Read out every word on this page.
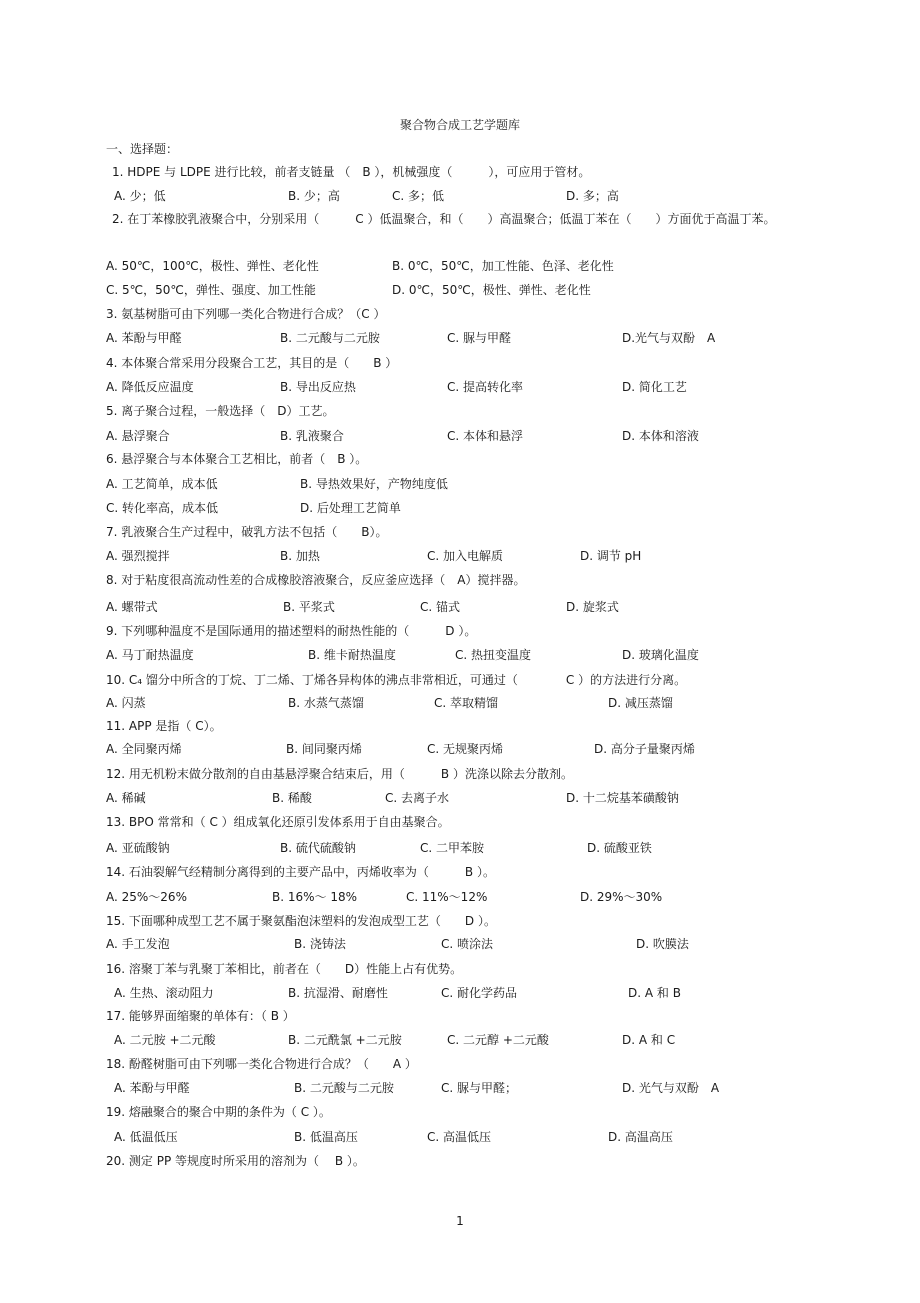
聚合物合成工艺学题库
一、选择题：
1. HDPE 与 LDPE 进行比较，前者支链量 （　B ），机械强度（　　　），可应用于管材。
A. 少；低	B. 少；高	C. 多；低	D. 多；高
2. 在丁苯橡胶乳液聚合中，分别采用（　　　C ）低温聚合，和（　　）高温聚合；低温丁苯在（　　）方面优于高温丁苯。
A. 50℃，100℃，极性、弹性、老化性	B. 0℃，50℃，加工性能、色泽、老化性
C. 5℃，50℃，弹性、强度、加工性能	D. 0℃，50℃，极性、弹性、老化性
3. 氨基树脂可由下列哪一类化合物进行合成？（C ）
A. 苯酚与甲醛	B. 二元酸与二元胺	C. 脲与甲醛	D.光气与双酚　A
4. 本体聚合常采用分段聚合工艺，其目的是（　　B ）
A. 降低反应温度	B. 导出反应热	C. 提高转化率	D. 简化工艺
5. 离子聚合过程，一般选择（　D）工艺。
A. 悬浮聚合	B. 乳液聚合	C. 本体和悬浮	D. 本体和溶液
6. 悬浮聚合与本体聚合工艺相比，前者（　B ）。
A. 工艺简单，成本低	B. 导热效果好，产物纯度低
C. 转化率高，成本低	D. 后处理工艺简单
7. 乳液聚合生产过程中，破乳方法不包括（　　B）。
A. 强烈搅拌	B. 加热	C. 加入电解质	D. 调节 pH
8. 对于粘度很高流动性差的合成橡胶溶液聚合，反应釜应选择（　A）搅拌器。
A. 螺带式	B. 平浆式	C. 锚式	D. 旋浆式
9. 下列哪种温度不是国际通用的描述塑料的耐热性能的（　　　D ）。
A. 马丁耐热温度	B. 维卡耐热温度	C. 热扭变温度	D. 玻璃化温度
10. C₄ 馏分中所含的丁烷、丁二烯、丁烯各异构体的沸点非常相近，可通过（　　　　C ）的方法进行分离。
A. 闪蒸	B. 水蒸气蒸馏	C. 萃取精馏	D. 减压蒸馏
11. APP 是指（ C）。
A. 全同聚丙烯	B. 间同聚丙烯	C. 无规聚丙烯	D. 高分子量聚丙烯
12. 用无机粉末做分散剂的自由基悬浮聚合结束后，用（　　　B ）洗涤以除去分散剂。
A. 稀碱	B. 稀酸	C. 去离子水	D. 十二烷基苯磺酸钠
13. BPO 常常和（ C ）组成氧化还原引发体系用于自由基聚合。
A. 亚硫酸钠	B. 硫代硫酸钠	C. 二甲苯胺	D. 硫酸亚铁
14. 石油裂解气经精制分离得到的主要产品中，丙烯收率为（　　　B ）。
A. 25%～26%	B. 16%～ 18%	C. 11%～12%	D. 29%～30%
15. 下面哪种成型工艺不属于聚氨酯泡沫塑料的发泡成型工艺（　　D ）。
A. 手工发泡	B. 浇铸法	C. 喷涂法	D. 吹膜法
16. 溶聚丁苯与乳聚丁苯相比，前者在（　　D）性能上占有优势。
A. 生热、滚动阻力	B. 抗湿滑、耐磨性	C. 耐化学药品	D. A 和 B
17. 能够界面缩聚的单体有：（ B ）
A. 二元胺 +二元酸	B. 二元酰氯 +二元胺	C. 二元醇 +二元酸	D. A 和 C
18. 酚醛树脂可由下列哪一类化合物进行合成？（　　A ）
A. 苯酚与甲醛	B. 二元酸与二元胺	C. 脲与甲醛；	D. 光气与双酚　A
19. 熔融聚合的聚合中期的条件为（ C ）。
A. 低温低压	B. 低温高压	C. 高温低压	D. 高温高压
20. 测定 PP 等规度时所采用的溶剂为（　 B ）。
1
